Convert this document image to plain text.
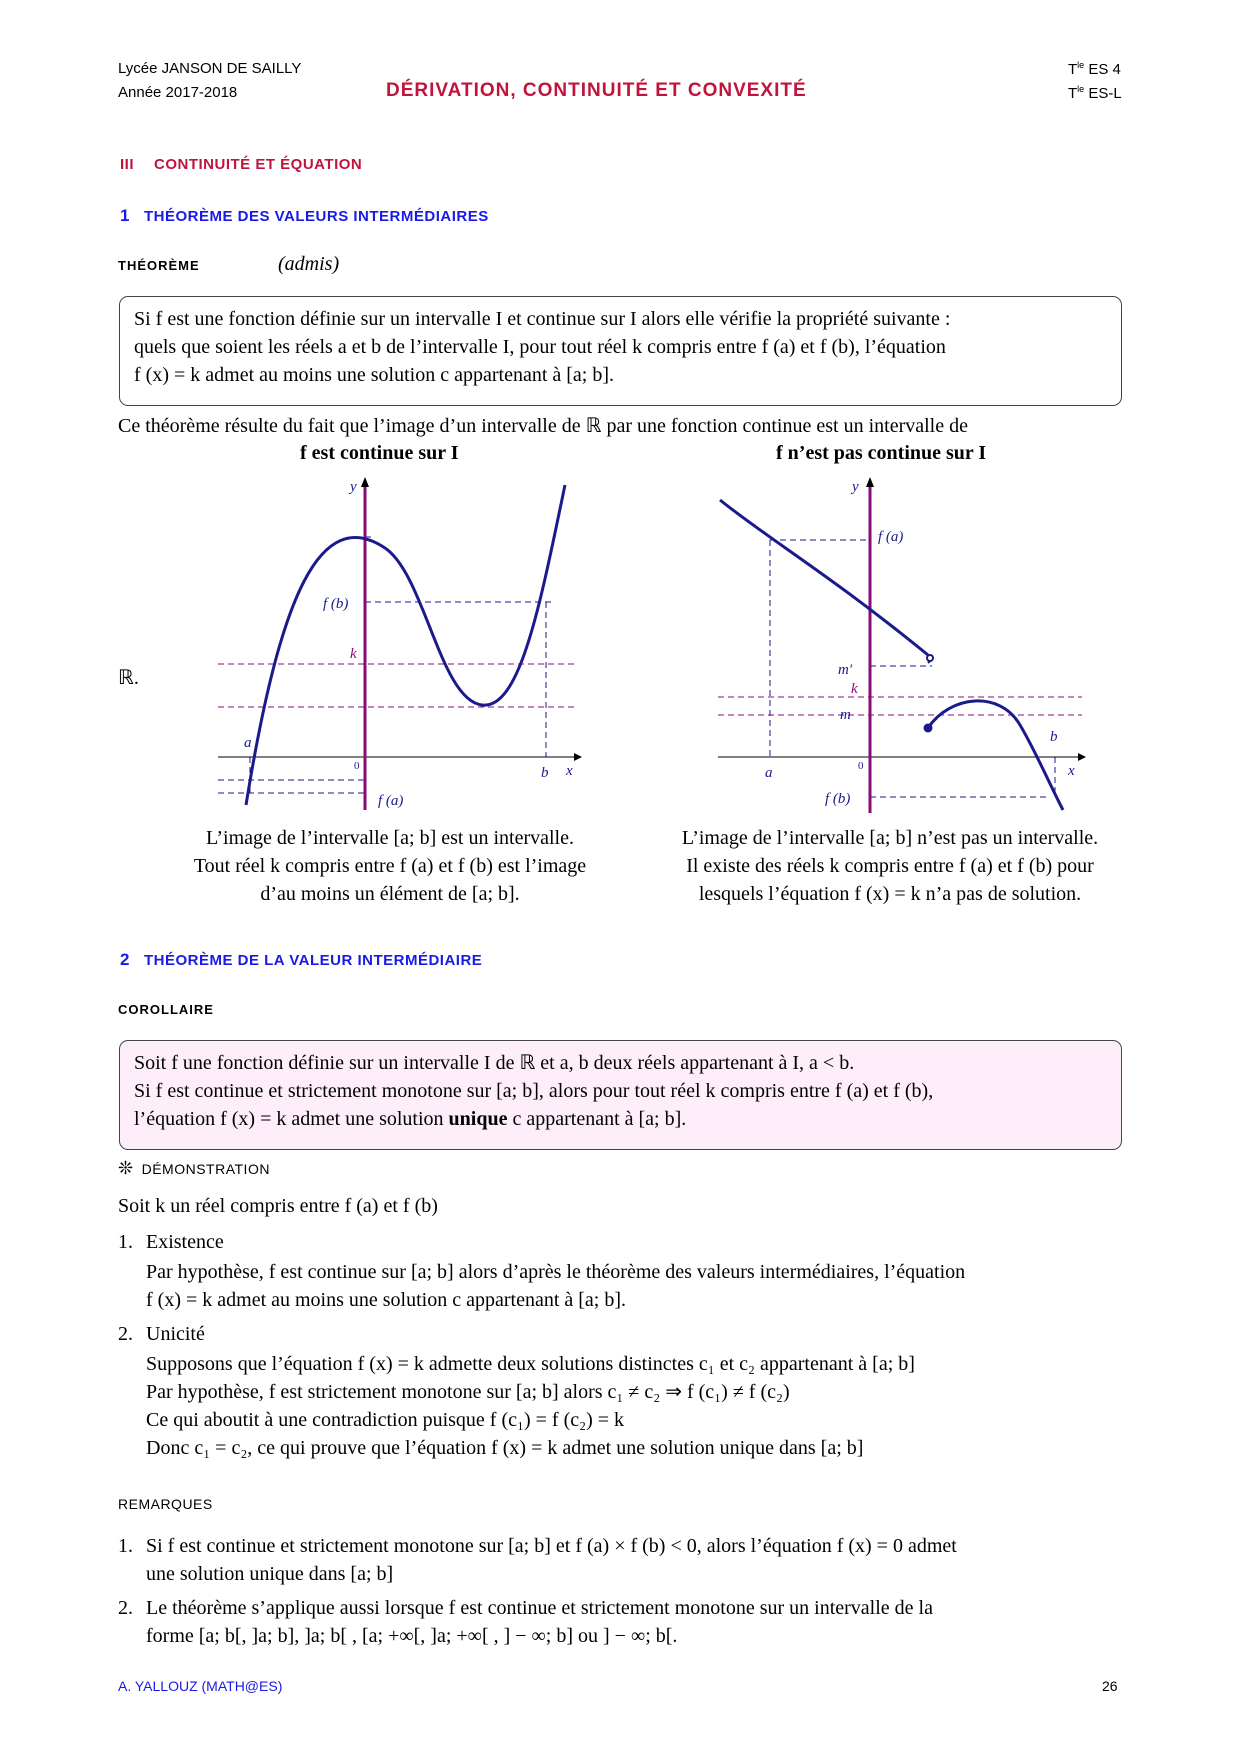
Lycée JANSON DE SAILLY
Année 2017-2018	DÉRIVATION, CONTINUITÉ ET CONVEXITÉ
$T^{le}$ ES 4
$T^{le}$ ES-L
III CONTINUITÉ ET ÉQUATION
1 THÉORÈME DES VALEURS INTERMÉDIAIRES
THÉORÈME	(admis)

Si f est une fonction définie sur un intervalle I et continue sur I alors elle vérifie la propriété suivante :

quels que soient les réels a et b de l’intervalle I, pour tout réel k compris entre f (a) et f (b), l’équation

f (x) = k admet au moins une solution c appartenant à [a; b].

Ce théorème résulte du fait que l’image d’un intervalle de ℝ par une fonction continue est un intervalle de
f est continue sur I	f n’est pas continue sur I
ℝ.
y
x
0
a
b
f (b)
k
f (a)
y
x
0
a
b
f (a)
m′
k
m
f (b)
L’image de l’intervalle [a; b] est un intervalle.
Tout réel k compris entre f (a) et f (b) est l’image
d’au moins un élément de [a; b].
L’image de l’intervalle [a; b] n’est pas un intervalle.
Il existe des réels k compris entre f (a) et f (b) pour
lesquels l’équation f (x) = k n’a pas de solution.
2 THÉORÈME DE LA VALEUR INTERMÉDIAIRE
COROLLAIRE

Soit f une fonction définie sur un intervalle I de ℝ et a, b deux réels appartenant à I, a < b.

Si f est continue et strictement monotone sur [a; b], alors pour tout réel k compris entre f (a) et f (b),

l’équation f (x) = k admet une solution unique c appartenant à [a; b].

❊ DÉMONSTRATION
Soit k un réel compris entre f (a) et f (b)
1. Existence
Par hypothèse, f est continue sur [a; b] alors d’après le théorème des valeurs intermédiaires, l’équation
f (x) = k admet au moins une solution c appartenant à [a; b].
2. Unicité
Supposons que l’équation f (x) = k admette deux solutions distinctes c₁ et c₂ appartenant à [a; b]
Par hypothèse, f est strictement monotone sur [a; b] alors c₁ ≠ c₂ ⇒ f (c₁) ≠ f (c₂)
Ce qui aboutit à une contradiction puisque f (c₁) = f (c₂) = k
Donc c₁ = c₂, ce qui prouve que l’équation f (x) = k admet une solution unique dans [a; b]
REMARQUES
1. Si f est continue et strictement monotone sur [a; b] et f (a) × f (b) < 0, alors l’équation f (x) = 0 admet
une solution unique dans [a; b]
2. Le théorème s’applique aussi lorsque f est continue et strictement monotone sur un intervalle de la
forme [a; b[, ]a; b], ]a; b[ , [a; +∞[, ]a; +∞[ , ] − ∞; b] ou ] − ∞; b[.
A. YALLOUZ (MATH@ES)	26
